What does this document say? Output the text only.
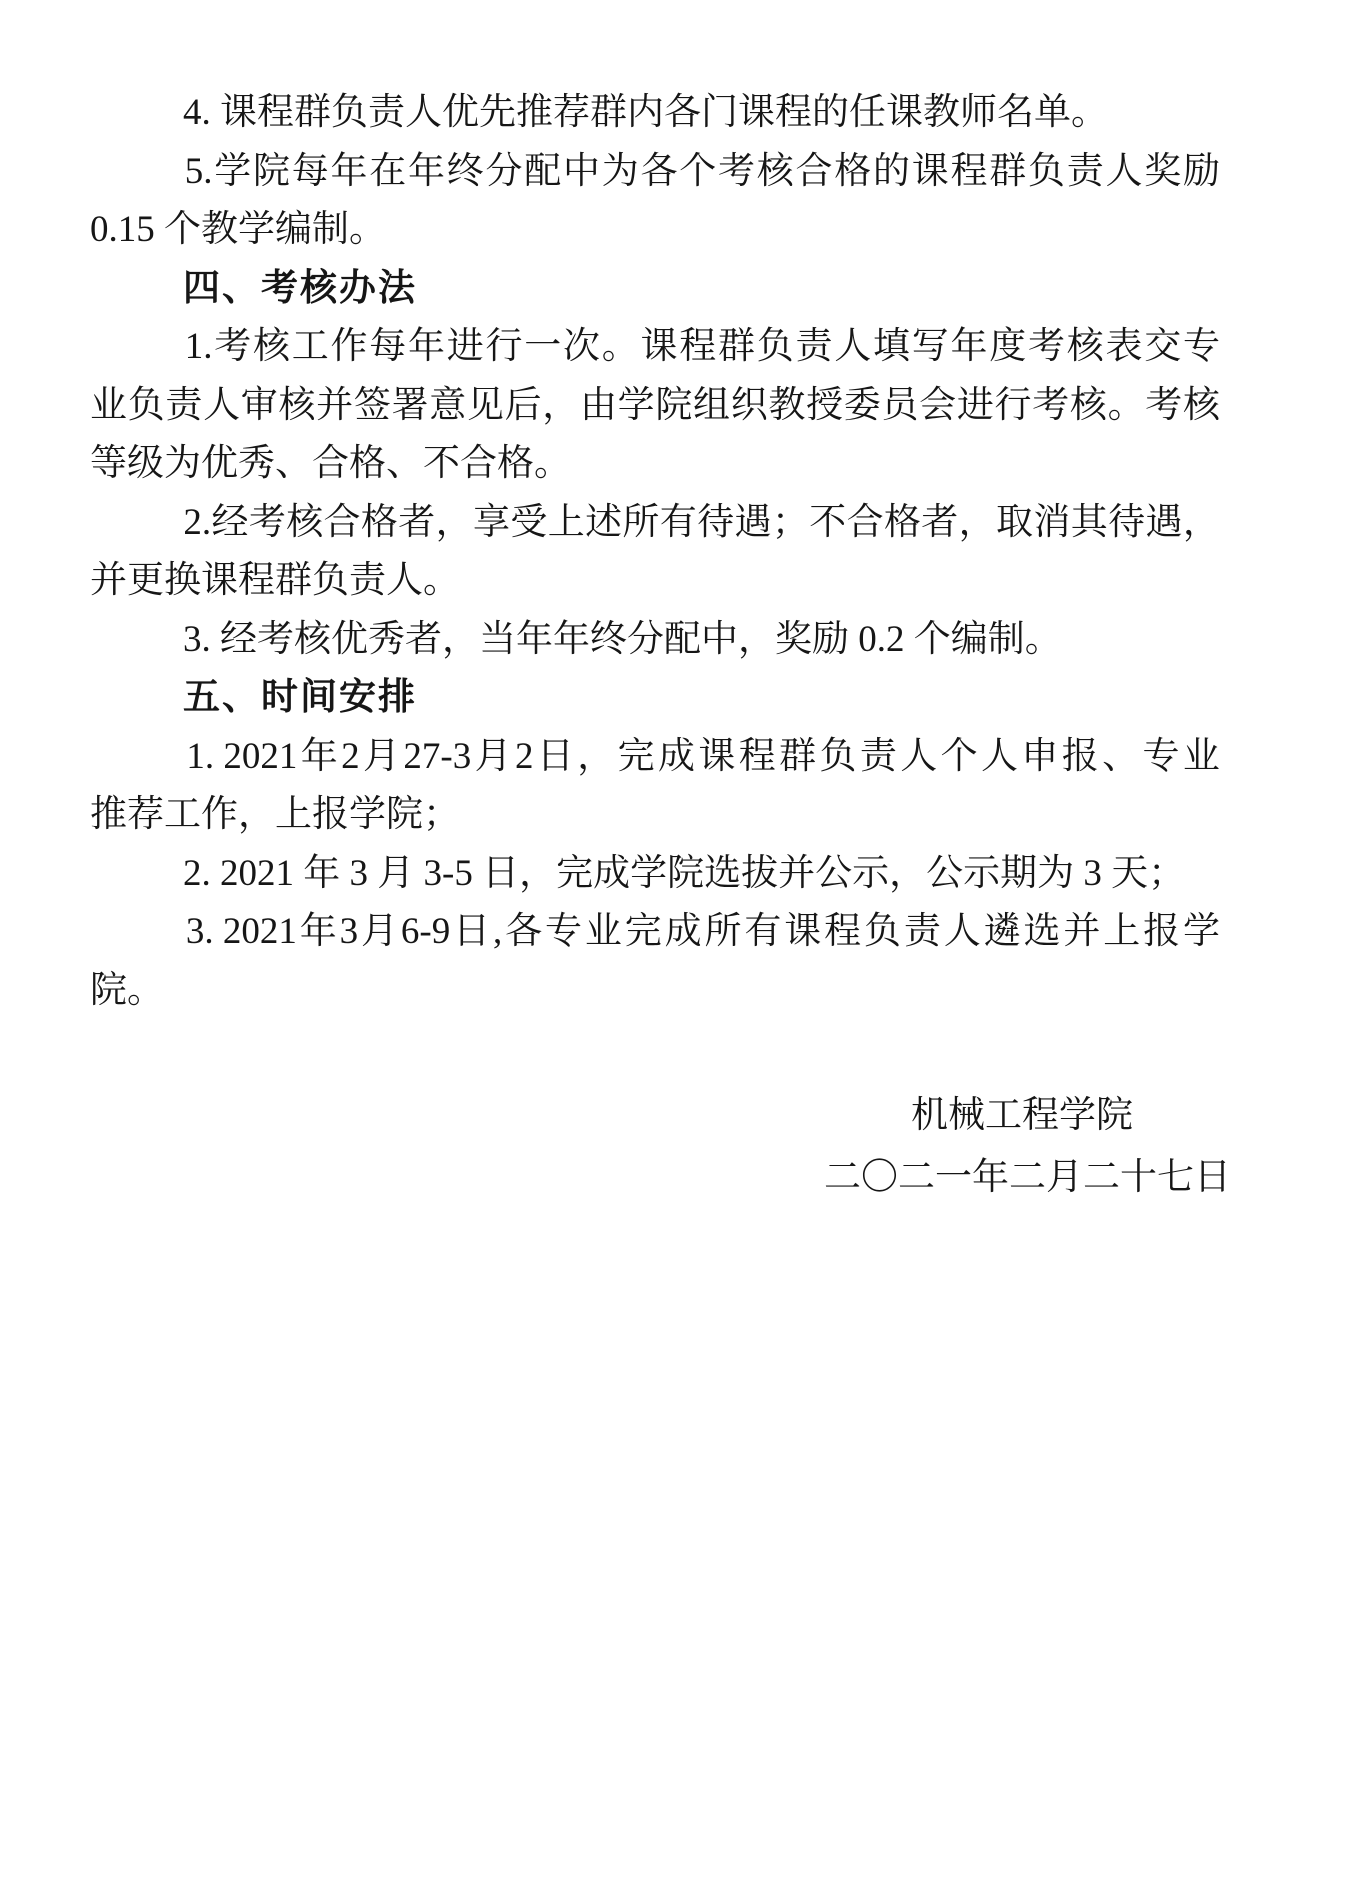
4. 课程群负责人优先推荐群内各门课程的任课教师名单。
5. 学 院 每 年 在 年 终 分 配 中 为 各 个 考 核 合 格 的 课 程 群 负 责 人 奖 励
0.15 个教学编制。
四、考核办法
1. 考 核 工 作 每 年 进 行 一 次 。 课 程 群 负 责 人 填 写 年 度 考 核 表 交 专
业 负 责 人 审 核 并 签 署 意 见 后 ， 由 学 院 组 织 教 授 委 员 会 进 行 考 核 。 考 核
等级为优秀、合格、不合格。
2. 经 考 核 合 格 者 ， 享 受 上 述 所 有 待 遇 ； 不 合 格 者 ， 取 消 其 待 遇 ，
并更换课程群负责人。
3. 经考核优秀者，当年年终分配中，奖励 0.2 个编制。
五、时间安排
1. 2021 年 2 月 27-3 月 2 日 ， 完 成 课 程 群 负 责 人 个 人 申 报 、 专 业
推荐工作，上报学院；
2. 2021 年 3 月 3-5 日，完成学院选拔并公示，公示期为 3 天；
3. 2021 年 3 月 6-9 日 , 各 专 业 完 成 所 有 课 程 负 责 人 遴 选 并 上 报 学
院。
机械工程学院
二〇二一年二月二十七日
